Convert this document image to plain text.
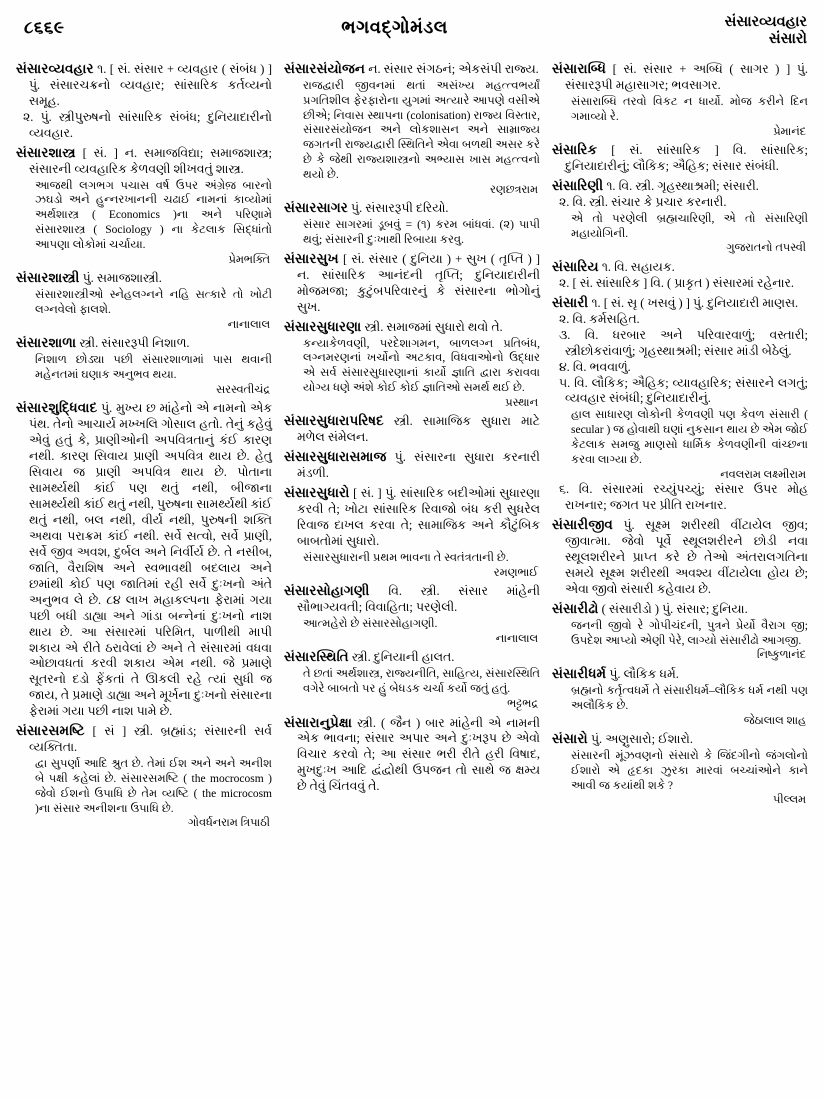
૮૬૬૯	ભગવદ્ગોમંડલ	સંસારવ્યવહાર
સંસારો

સંસારવ્યવહાર ૧. [ સં. સંસાર + વ્યવહાર ( સંબંધ ) ] પું. સંસારચક્રનો વ્યવહાર; સાંસારિક કર્તવ્યનો સમૂહ.

૨. પું. સ્ત્રીપુરુષનો સાંસારિક સંબંધ; દુનિયાદારીનો વ્યવહાર.

સંસારશાસ્ત્ર [ સં. ] ન. સમાજવિદ્યા; સમાજશાસ્ત્ર; સંસારની વ્યવહારિક કેળવણી શીખવતું શાસ્ત્ર.

આજથી લગભગ પચાસ વર્ષ ઉપર અંગ્રેજ઼ બારનો ઝઘડો અને હુન્નરખાનની ચઢાઈ નામનાં કાવ્યોમાં અર્થશાસ્ત્ર ( Economics )ના અને પરિણામે સંસારશાસ્ત્ર ( Sociology ) ના કેટલાક સિદ્ધાંતો આપણા લોકોમાં ચર્ચાયા.

પ્રેમભક્તિ

સંસારશાસ્ત્રી પું. સમાજશાસ્ત્રી.

સંસારશાસ્ત્રીઓ સ્નેહલગ્નને નહિ સત્કારે તો ખોટી લગ્નવેલો ફાલશે.

નાનાલાલ

સંસારશાળા સ્ત્રી. સંસારરૂપી નિશાળ.

નિશાળ છોડ્યા પછી સંસારશાળામાં પાસ થવાની મહેનતમાં ઘણાક અનુભવ થયા.

સરસ્વતીચંદ્ર

સંસારશુદ્ધિવાદ પું. મુખ્ય છ માંહેનો એ નામનો એક પંથ. તેનો આચાર્ય મખ્ખલિ ગોસાલ હતો. તેનું કહેવું એવું હતું કે, પ્રાણીઓની અપવિત્રતાનું કંઈ કારણ નથી. કારણ સિવાય પ્રાણી અપવિત્ર થાય છે. હેતુ સિવાય જ પ્રાણી અપવિત્ર થાય છે. પોતાના સામર્થ્યથી કાંઈ પણ થતું નથી, બીજાના સામર્થ્યથી કાંઈ થતું નથી, પુરુષના સામર્થ્યથી કાંઈ થતું નથી, બલ નથી, વીર્ય નથી, પુરુષની શક્તિ અથવા પરાક્રમ કાંઈ નથી. સર્વે સત્વો, સર્વે પ્રાણી, સર્વે જીવ અવશ, દુર્બલ અને નિર્વીર્ય છે. તે નસીબ, જાતિ, વૈરાશિષ અને સ્વભાવથી બદલાય અને છમાંથી કોઈ પણ જાતિમાં રહી સર્વે દુઃખનો અંતે અનુભવ લે છે. ૮૪ લાખ મહાકલ્પના ફેરામાં ગયા પછી બધી ડાહ્યા અને ગાંડા બન્નેનાં દુઃખનો નાશ થાય છે. આ સંસારમાં પરિમિત, પાળીથી માપી શકાય એ રીતે ઠરાવેલાં છે અને તે સંસારમાં વધવા ઓછાવધતાં કરવી શકાય એમ નથી. જે પ્રમાણે સૂતરનો દડો ફેંકતાં તે ઊકલી રહે ત્યાં સુધી જ જાય, તે પ્રમાણે ડાહ્યા અને મૂર્ખના દુઃખનો સંસારના ફેરામાં ગયા પછી નાશ પામે છે.

સંસારસમષ્ટિ [ સં ] સ્ત્રી. બ્રહ્માંડ; સંસારની સર્વ વ્યક્તિતા.

દ્વા સુપર્ણા આદિ શ્રુત છે. તેમાં ઈશ અને અને અનીશ બે પક્ષી કહેલાં છે. સંસારસમષ્ટિ ( the mocrocosm ) જેવો ઈશનો ઉપાધિ છે તેમ વ્યષ્ટિ ( the microcosm )ના સંસાર અનીશના ઉપાધિ છે.

ગોવર્ધનરામ ત્રિપાઠી

સંસારસંયોજન ન. સંસાર સંગઠનં; એકસંપી રાજ્ય.

રાજદ્વારી જીવનમાં થતાં અસંખ્ય મહત્ત્વભર્યાં પ્રગતિશીલ ફેરફારોના યુગમાં અત્યારે આપણે વસીએ છીએ; નિવાસ સ્થાપના (colonisation) રાજ્ય વિસ્તાર, સંસારસંયોજન અને લોકશાસન અને સામ્રાજ્ય જગતની રાજ્યદ્વારી સ્થિતિને એવા બળથી અસર કરે છે કે જેથી રાજ્યશાસ્ત્રનો અભ્યાસ ખાસ મહત્ત્વનો થયો છે.

રણછત્રરામ

સંસારસાગર પું. સંસારરૂપી દરિયો.

સંસાર સાગરમાં ડૂબવું = (૧) કરમ બાંધવાં. (૨) પાપી થવું; સંસારની દુઃખાથી રિબાયા કરવુ.

સંસારસુખ [ સં. સંસાર ( દુનિયા ) + સુખ ( તૃપ્તિ ) ] ન. સાંસારિક આનંદની તૃપ્તિ; દુનિયાદારીની મોજમજા; કુટુંબપરિવારનું કે સંસારના ભોગોનું સુખ.

સંસારસુધારણા સ્ત્રી. સમાજમાં સુધારો થવો તે.

કન્યાકેળવણી, પરદેશાગમન, બાળલગ્ન પ્રતિબંધ, લગ્નમરણનાં ખર્ચોનો અટકાવ, વિધવાઓનો ઉદ્ધાર એ સર્વ સંસારસુધારણાનાં કાર્યો જ્ઞાતિ દ્વારા કરાવવા યોગ્ય ધણે અંશે કોઈ કોઈ જ્ઞાતિઓ સમર્થ થઈ છે.

પ્રસ્થાન

સંસારસુધારાપરિષદ સ્ત્રી. સામાજિક સુધારા માટે મળેલ સંમેલન.

સંસારસુધારાસમાજ પું. સંસારના સુધારા કરનારી મંડળી.

સંસારસુધારો [ સં. ] પું. સાંસારિક બદીઓમાં સુધારણા કરવી તે; ખોટા સાંસારિક રિવાજો બંધ કરી સુધરેલ રિવાજ દાખલ કરવા તે; સામાજિક અને કૌટુંબિક બાબતોમાં સુધારો.

સંસારસુધારાની પ્રથમ ભાવના તે સ્વતંત્રતાની છે.

રમણભાઈ

સંસારસોહાગણી વિ. સ્ત્રી. સંસાર માંહેની સૌભાગ્યવતી; વિવાહિતા; પરણેલી.

આત્મહેરો છે સંસારસોહાગણી.

નાનાલાલ

સંસારસ્થિતિ સ્ત્રી. દુનિયાની હાલત.

તે છતાં અર્થશાસ્ત્ર, રાજ્યનીતિ, સાહિત્ય, સંસારસ્થિતિ વગેરે બાબતો પર હું બેધડક ચર્ચા કર્યો જતું હતું.

ભટ્ટભદ્ર

સંસારાનુપ્રેક્ષા સ્ત્રી. ( જૈન ) બાર માંહેની એ નામની એક ભાવના; સંસાર અપાર અને દુઃખરૂપ છે એવો વિચાર કરવો તે; આ સંસાર ભરી રીતે હરી વિષાદ, મુખદુઃખ આદિ દ્વંદ્વોથી ઉપજન તો સાથે જ ક્ષમ્ય છે તેવું ચિંતવવું તે.

સંસારાબ્ધિ [ સં. સંસાર + અબ્ધિ ( સાગર ) ] પું. સંસારરૂપી મહાસાગર; ભવસાગર.

સંસારાબ્ધિ તરવો વિકટ ન ધાર્યો. મોજ કરીને દિન ગમાવ્યો રે.

પ્રેમાનંદ

સંસારિક [ સં. સાંસારિક ] વિ. સાંસારિક; દુનિયાદારીનું; લૌકિક; ઐહિક; સંસાર સંબંધી.

સંસારિણી ૧. વિ. સ્ત્રી. ગૃહસ્થાશ્રમી; સંસારી.

૨. વિ. સ્ત્રી. સંચાર કે પ્રચાર કરનારી.

એ તો પરણેલી બ્રહ્મચારિણી, એ તો સંસારિણી મહાયોગિની.

ગુજરાતનો તપસ્વી

સંસારિય ૧. વિ. સહાયક.

૨. [ સં. સાંસારિક ] વિ. ( પ્રાકૃત ) સંસારમાં રહેનાર.

સંસારી ૧. [ સં. સૃ ( ખસવું ) ] પું. દુનિયાદારી માણસ.

૨. વિ. કર્મસહિત.

૩. વિ. ધરબાર અને પરિવારવાળું; વસ્તારી; સ્ત્રીછોકરાંવાળું; ગૃહસ્થાશ્રમી; સંસાર માંડી બેઠેલું.

૪. વિ. ભવવાળું.

૫. વિ. લૌકિક; ઐહિક; વ્યાવહારિક; સંસારને લગતું; વ્યવહાર સંબંધી; દુનિયાદારીનું.

હાલ સાધારણ લોકોની કેળવણી પણ કેવળ સંસારી ( secular ) જ હોવાથી ઘણાં નુકસાન થાય છે એમ જોઈ કેટલાક સમજુ માણસો ધાર્મિક કેળવણીની વાંચ્છના કરવા લાગ્યા છે.

નવલરામ લક્ષ્મીરામ

૬. વિ. સંસારમાં રચ્યુંપચ્યું; સંસાર ઉપર મોહ રાખનાર; જગત પર પ્રીતિ રાખનાર.

સંસારીજીવ પું. સૂક્ષ્મ શરીરથી વીંટાયેલ જીવ; જીવાત્મા. જેવો પૂર્વે સ્થૂલશરીરને છોડી નવા સ્થૂલશરીરને પ્રાપ્ત કરે છે તેઓ અંતરાલગતિના સમયે સૂક્ષ્મ શરીરથી અવશ્ય વીંટાયેલા હોય છે; એવા જીવો સંસારી કહેવાય છે.

સંસારીઢો ( સંસારીડો ) પું. સંસાર; દુનિયા.

જનની જીવો રે ગોપીચંદની, પુત્રને પ્રેર્યો વૈરાગ જી; ઉપદેશ આપ્યો એણી પેરે, લાગ્યો સંસારીઢો આગજી.

નિષ્કુળાનંદ

સંસારીધર્મ પું. લૌકિક ધર્મ.

બ્રહ્મનો કર્તૃત્વધર્મે તે સંસારીધર્મ–લૌકિક ધર્મ નથી પણ અલૌકિક છે.

જેઠાલાલ શાહ

સંસારો પું. અણુસારો; ઈશારો.

સંસારની મૂંઝવણનો સંસારો કે જિંદગીનો જંગલોનો ઈશારો એ હૃદકા ઝુરકા મારવાં બચ્ચાંઓને કાને આવી જ કયાંથી શકે ?

પીલ્લમ
